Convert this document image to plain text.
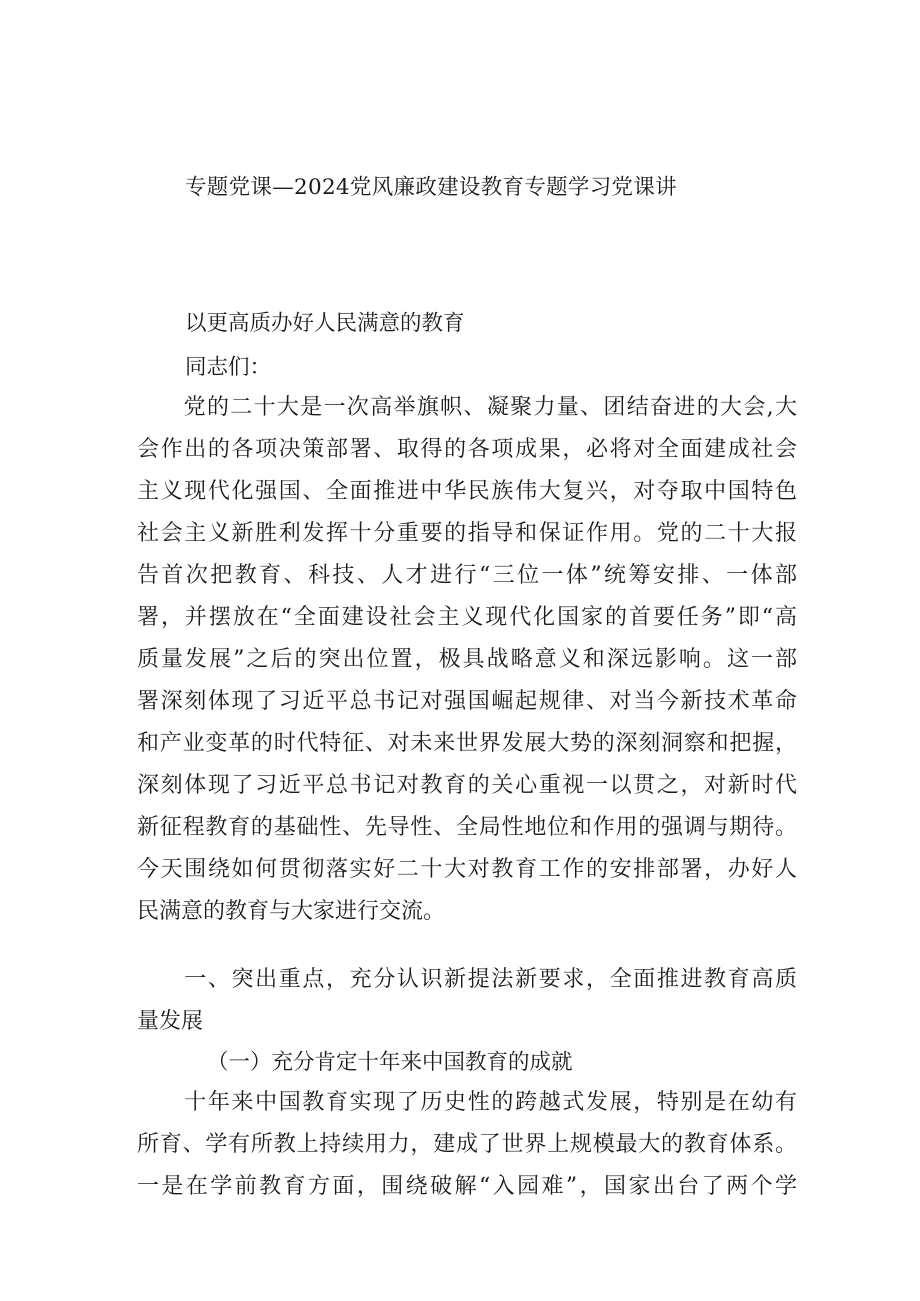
专题党课—2024党风廉政建设教育专题学习党课讲

以更高质办好人民满意的教育

同志们：

　　党的二十大是一次高举旗帜、凝聚力量、团结奋进的大会,大
会作出的各项决策部署、取得的各项成果，必将对全面建成社会
主义现代化强国、全面推进中华民族伟大复兴，对夺取中国特色
社会主义新胜利发挥十分重要的指导和保证作用。党的二十大报
告首次把教育、科技、人才进行“三位一体”统筹安排、一体部
署，并摆放在“全面建设社会主义现代化国家的首要任务”即“高
质量发展”之后的突出位置，极具战略意义和深远影响。这一部
署深刻体现了习近平总书记对强国崛起规律、对当今新技术革命
和产业变革的时代特征、对未来世界发展大势的深刻洞察和把握，
深刻体现了习近平总书记对教育的关心重视一以贯之，对新时代
新征程教育的基础性、先导性、全局性地位和作用的强调与期待。
今天围绕如何贯彻落实好二十大对教育工作的安排部署，办好人
民满意的教育与大家进行交流。
　　一、突出重点，充分认识新提法新要求，全面推进教育高质
量发展

（一）充分肯定十年来中国教育的成就

　　十年来中国教育实现了历史性的跨越式发展，特别是在幼有
所育、学有所教上持续用力，建成了世界上规模最大的教育体系。
一是在学前教育方面，围绕破解“入园难”，国家出台了两个学
